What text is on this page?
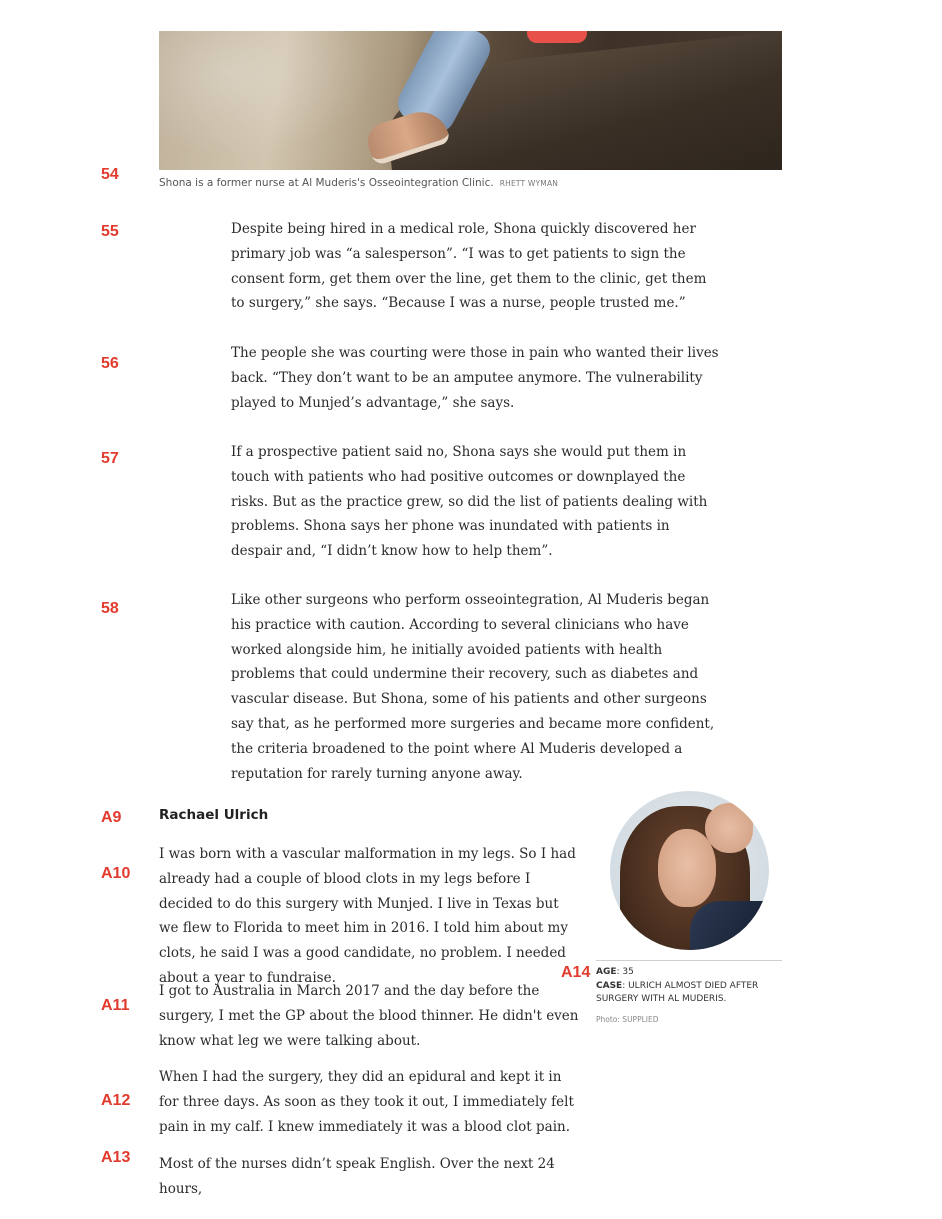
54
55
56
57
58
A9
A10
A11
A12
A13
A14
Shona is a former nurse at Al Muderis's Osseointegration Clinic. RHETT WYMAN

Despite being hired in a medical role, Shona quickly discovered her primary job was “a salesperson”. “I was to get patients to sign the consent form, get them over the line, get them to the clinic, get them to surgery,” she says. “Because I was a nurse, people trusted me.”

The people she was courting were those in pain who wanted their lives back. “They don’t want to be an amputee anymore. The vulnerability played to Munjed’s advantage,” she says.

If a prospective patient said no, Shona says she would put them in touch with patients who had positive outcomes or downplayed the risks. But as the practice grew, so did the list of patients dealing with problems. Shona says her phone was inundated with patients in despair and, “I didn’t know how to help them”.

Like other surgeons who perform osseointegration, Al Muderis began his practice with caution. According to several clinicians who have worked alongside him, he initially avoided patients with health problems that could undermine their recovery, such as diabetes and vascular disease. But Shona, some of his patients and other surgeons say that, as he performed more surgeries and became more confident, the criteria broadened to the point where Al Muderis developed a reputation for rarely turning anyone away.

Rachael Ulrich

I was born with a vascular malformation in my legs. So I had already had a couple of blood clots in my legs before I decided to do this surgery with Munjed. I live in Texas but we flew to Florida to meet him in 2016. I told him about my clots, he said I was a good candidate, no problem. I needed about a year to fundraise.

I got to Australia in March 2017 and the day before the surgery, I met the GP about the blood thinner. He didn't even know what leg we were talking about.

When I had the surgery, they did an epidural and kept it in for three days. As soon as they took it out, I immediately felt pain in my calf. I knew immediately it was a blood clot pain.

Most of the nurses didn’t speak English. Over the next 24 hours,

AGE: 35
CASE: ULRICH ALMOST DIED AFTER SURGERY WITH AL MUDERIS.
Photo: SUPPLIED
